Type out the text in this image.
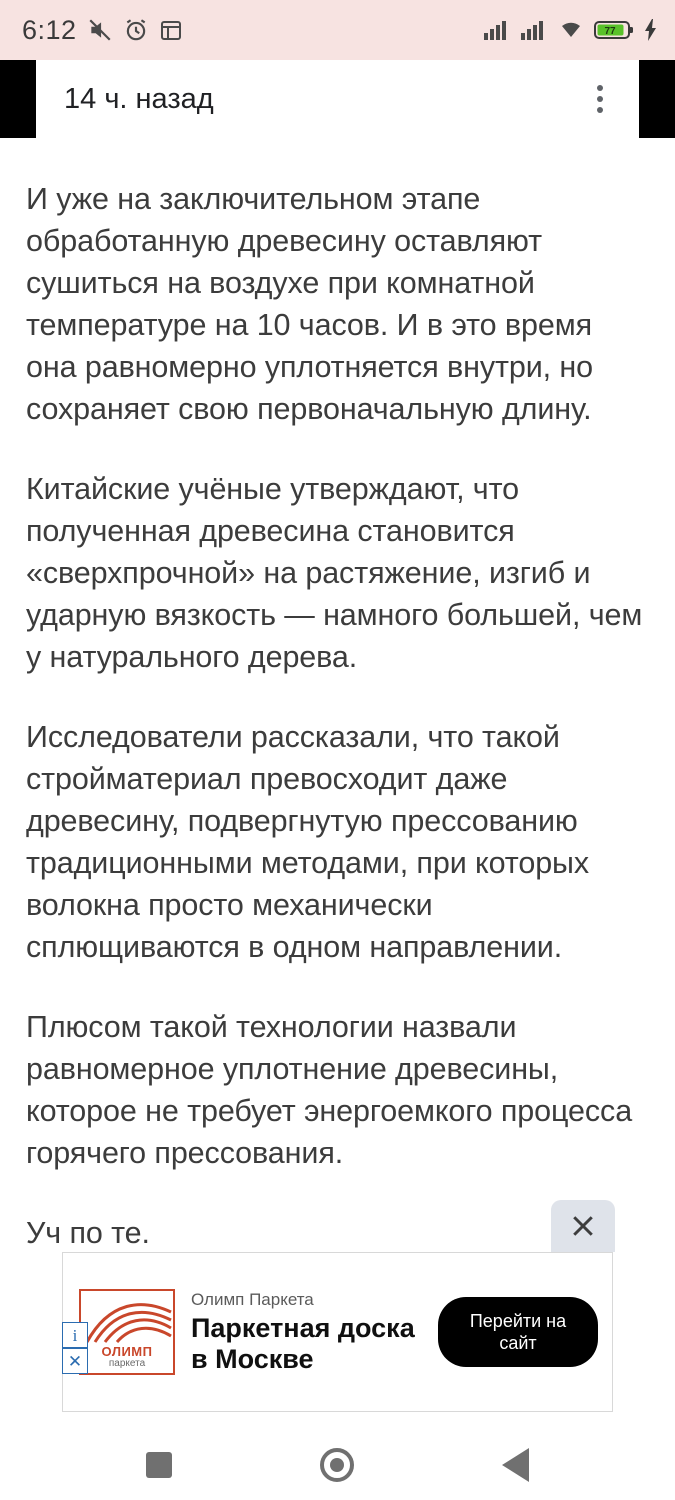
6:12	77
14 ч. назад

И уже на заключительном этапе обработанную древесину оставляют сушиться на воздухе при комнатной температуре на 10 часов. И в это время она равномерно уплотняется внутри, но сохраняет свою первоначальную длину.

Китайские учёные утверждают, что полученная древесина становится «сверхпрочной» на растяжение, изгиб и ударную вязкость — намного большей, чем у натурального дерева.

Исследователи рассказали, что такой стройматериал превосходит даже древесину, подвергнутую прессованию традиционными методами, при которых волокна просто механически сплющиваются в одном направлении.

Плюсом такой технологии назвали равномерное уплотнение древесины, которое не требует энергоемкого процесса горячего прессования.

Уч по те.

ОЛИМП
паркета
Олимп Паркета
Паркетная доска в Москве
Перейти на сайт
i
✕
